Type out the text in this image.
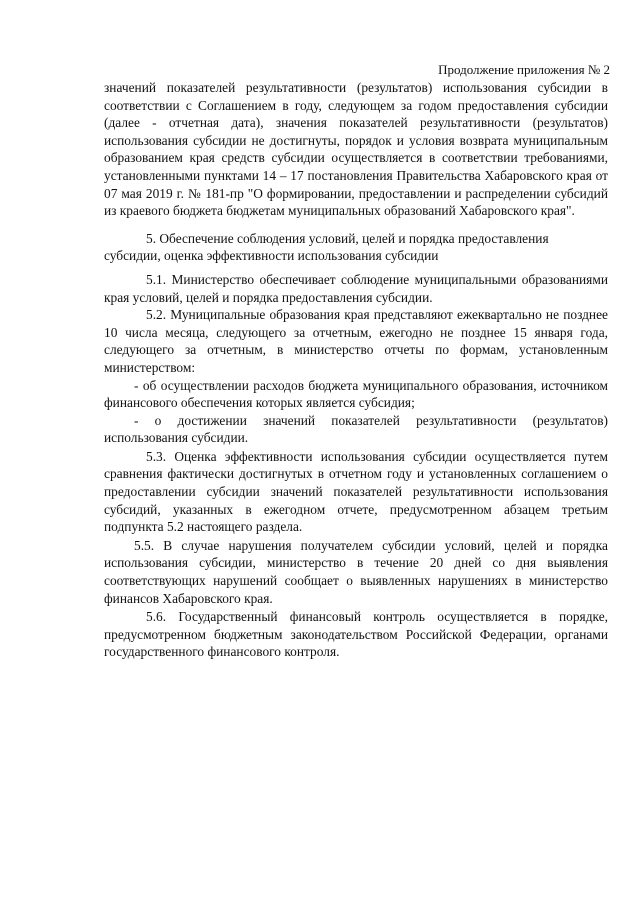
Продолжение приложения № 2

значений показателей результативности (результатов) использования субсидии в соответствии с Соглашением в году, следующем за годом предоставления субсидии (далее - отчетная дата), значения показателей результативности (результатов) использования субсидии не достигнуты, порядок и условия возврата муниципальным образованием края средств субсидии осуществляется в соответствии требованиями, установленными пунктами 14 – 17 постановления Правительства Хабаровского края от 07 мая 2019 г. № 181-пр "О формировании, предоставлении и распределении субсидий из краевого бюджета бюджетам муниципальных образований Хабаровского края".

5. Обеспечение соблюдения условий, целей и порядка предоставления субсидии, оценка эффективности использования субсидии

5.1. Министерство обеспечивает соблюдение муниципальными образованиями края условий, целей и порядка предоставления субсидии.

5.2. Муниципальные образования края представляют ежеквартально не позднее 10 числа месяца, следующего за отчетным, ежегодно не позднее 15 января года, следующего за отчетным, в министерство отчеты по формам, установленным министерством:

- об осуществлении расходов бюджета муниципального образования, источником финансового обеспечения которых является субсидия;

- о достижении значений показателей результативности (результатов) использования субсидии.

5.3. Оценка эффективности использования субсидии осуществляется путем сравнения фактически достигнутых в отчетном году и установленных соглашением о предоставлении субсидии значений показателей результативности использования субсидий, указанных в ежегодном отчете, предусмотренном абзацем третьим подпункта 5.2 настоящего раздела.

5.5. В случае нарушения получателем субсидии условий, целей и порядка использования субсидии, министерство в течение 20 дней со дня выявления соответствующих нарушений сообщает о выявленных нарушениях в министерство финансов Хабаровского края.

5.6. Государственный финансовый контроль осуществляется в порядке, предусмотренном бюджетным законодательством Российской Федерации, органами государственного финансового контроля.
